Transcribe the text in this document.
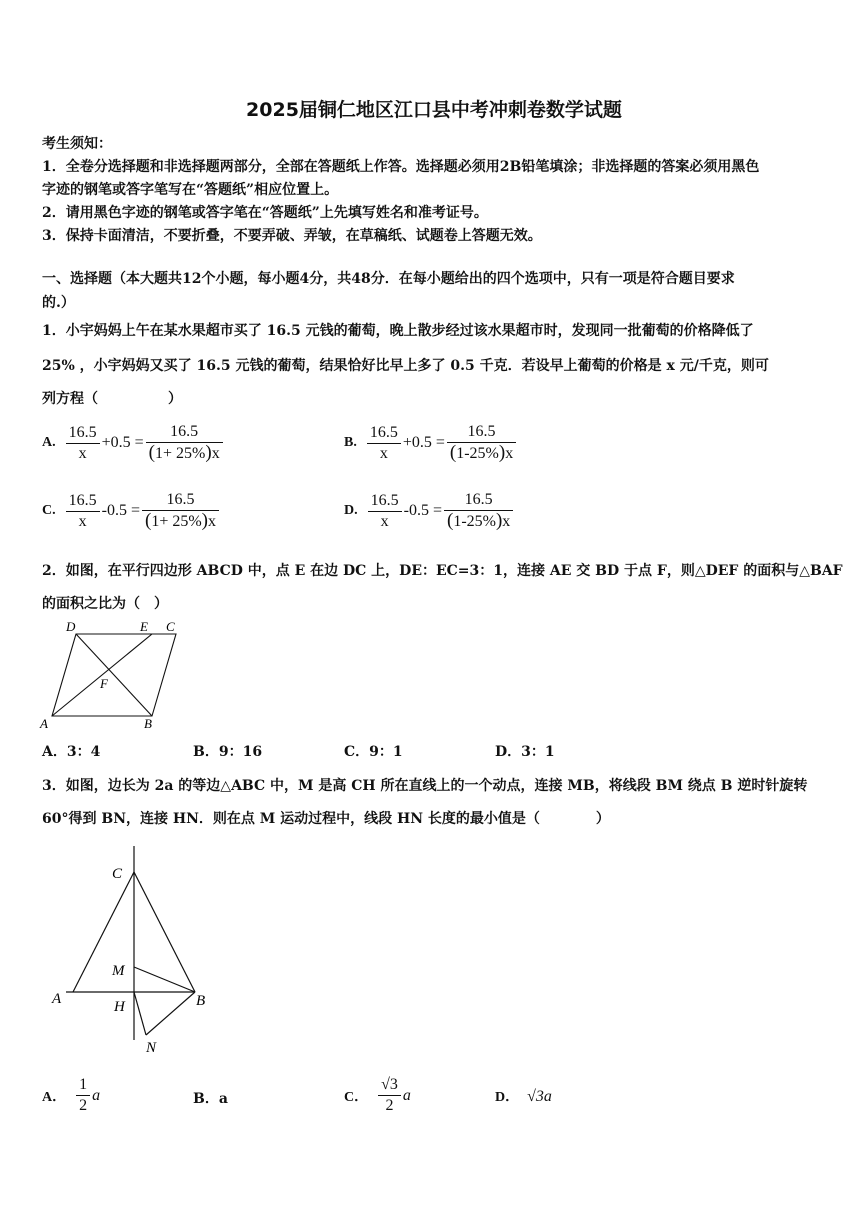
2025届铜仁地区江口县中考冲刺卷数学试题
考生须知：
1．全卷分选择题和非选择题两部分，全部在答题纸上作答。选择题必须用2B铅笔填涂；非选择题的答案必须用黑色
字迹的钢笔或答字笔写在“答题纸”相应位置上。
2．请用黑色字迹的钢笔或答字笔在“答题纸”上先填写姓名和准考证号。
3．保持卡面清洁，不要折叠，不要弄破、弄皱，在草稿纸、试题卷上答题无效。
一、选择题（本大题共12个小题，每小题4分，共48分．在每小题给出的四个选项中，只有一项是符合题目要求
的.）
1．小宇妈妈上午在某水果超市买了 16.5 元钱的葡萄，晚上散步经过该水果超市时，发现同一批葡萄的价格降低了
25% ，小宇妈妈又买了 16.5 元钱的葡萄，结果恰好比早上多了 0.5 千克．若设早上葡萄的价格是 x 元/千克，则可
列方程（　　　　　）
A. $\frac{16.5}{x} +0.5 = \frac{16.5}{(1+ 25\%)x}$	B. $\frac{16.5}{x} +0.5 = \frac{16.5}{(1-25\%)x}$
C. $\frac{16.5}{x} -0.5 = \frac{16.5}{(1+ 25\%)x}$	D. $\frac{16.5}{x} -0.5 = \frac{16.5}{(1-25\%)x}$
2．如图，在平行四边形 ABCD 中，点 E 在边 DC 上，DE：EC=3：1，连接 AE 交 BD 于点 F，则△DEF 的面积与△BAF
的面积之比为（　）
D	E C
F
A	B
A．3：4	B．9：16	C．9：1	D．3：1
3．如图，边长为 2a 的等边△ABC 中，M 是高 CH 所在直线上的一个动点，连接 MB，将线段 BM 绕点 B 逆时针旋转
60°得到 BN，连接 HN．则在点 M 运动过程中，线段 HN 长度的最小值是（　　　　）
C
M
A	H	B
N
A． $\frac{1}{2}$ a	B．a	C． $\frac{√3}{2}$ a	D． √3a
